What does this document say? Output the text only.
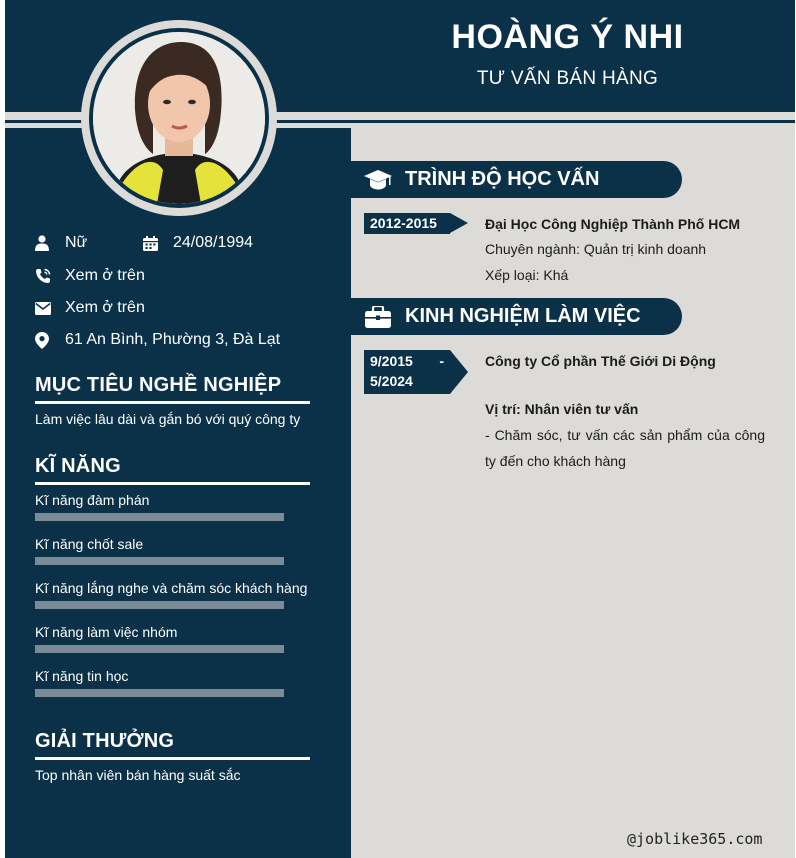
HOÀNG Ý NHI
TƯ VẤN BÁN HÀNG
Nữ	24/08/1994
Xem ở trên
Xem ở trên
61 An Bình, Phường 3, Đà Lạt
MỤC TIÊU NGHỀ NGHIỆP
Làm việc lâu dài và gắn bó với quý công ty
KĨ NĂNG
Kĩ năng đàm phán
Kĩ năng chốt sale
Kĩ năng lắng nghe và chăm sóc khách hàng
Kĩ năng làm việc nhóm
Kĩ năng tin học
GIẢI THƯỞNG
Top nhân viên bán hàng suất sắc
TRÌNH ĐỘ HỌC VẤN
2012-2015	Đại Học Công Nghiệp Thành Phố HCM
Chuyên ngành: Quản trị kinh doanh
Xếp loại: Khá
KINH NGHIỆM LÀM VIỆC
9/2015 -
5/2024
Công ty Cổ phần Thế Giới Di Động
Vị trí: Nhân viên tư vấn
- Chăm sóc, tư vấn các sản phẩm của công
ty đến cho khách hàng
@joblike365.com
